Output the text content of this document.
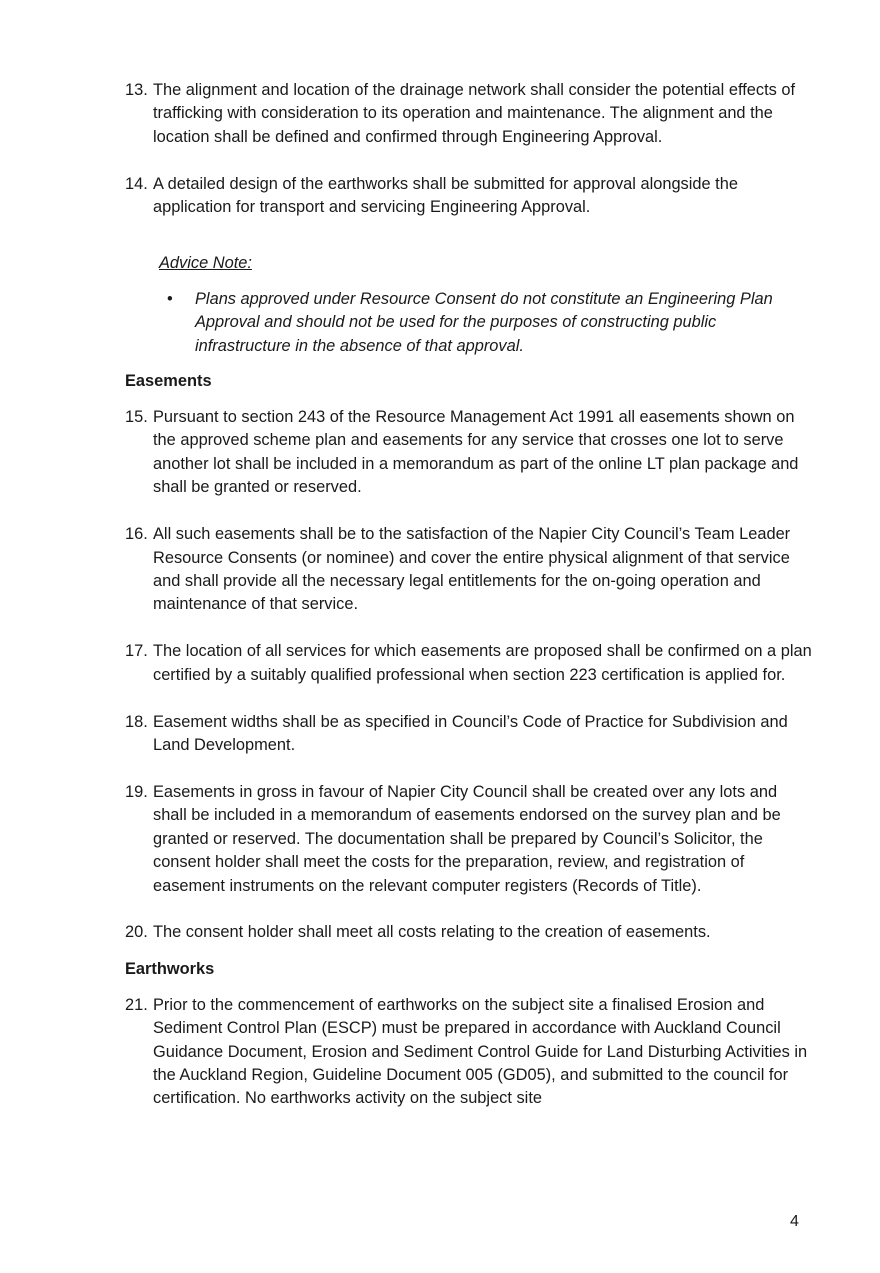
13. The alignment and location of the drainage network shall consider the potential effects of trafficking with consideration to its operation and maintenance. The alignment and the location shall be defined and confirmed through Engineering Approval.
14. A detailed design of the earthworks shall be submitted for approval alongside the application for transport and servicing Engineering Approval.
Advice Note:
•	Plans approved under Resource Consent do not constitute an Engineering Plan Approval and should not be used for the purposes of constructing public infrastructure in the absence of that approval.
Easements
15. Pursuant to section 243 of the Resource Management Act 1991 all easements shown on the approved scheme plan and easements for any service that crosses one lot to serve another lot shall be included in a memorandum as part of the online LT plan package and shall be granted or reserved.
16. All such easements shall be to the satisfaction of the Napier City Council’s Team Leader Resource Consents (or nominee) and cover the entire physical alignment of that service and shall provide all the necessary legal entitlements for the on-going operation and maintenance of that service.
17. The location of all services for which easements are proposed shall be confirmed on a plan certified by a suitably qualified professional when section 223 certification is applied for.
18. Easement widths shall be as specified in Council’s Code of Practice for Subdivision and Land Development.
19. Easements in gross in favour of Napier City Council shall be created over any lots and shall be included in a memorandum of easements endorsed on the survey plan and be granted or reserved. The documentation shall be prepared by Council’s Solicitor, the consent holder shall meet the costs for the preparation, review, and registration of easement instruments on the relevant computer registers (Records of Title).
20. The consent holder shall meet all costs relating to the creation of easements.
Earthworks
21. Prior to the commencement of earthworks on the subject site a finalised Erosion and Sediment Control Plan (ESCP) must be prepared in accordance with Auckland Council Guidance Document, Erosion and Sediment Control Guide for Land Disturbing Activities in the Auckland Region, Guideline Document 005 (GD05), and submitted to the council for certification. No earthworks activity on the subject site
4
